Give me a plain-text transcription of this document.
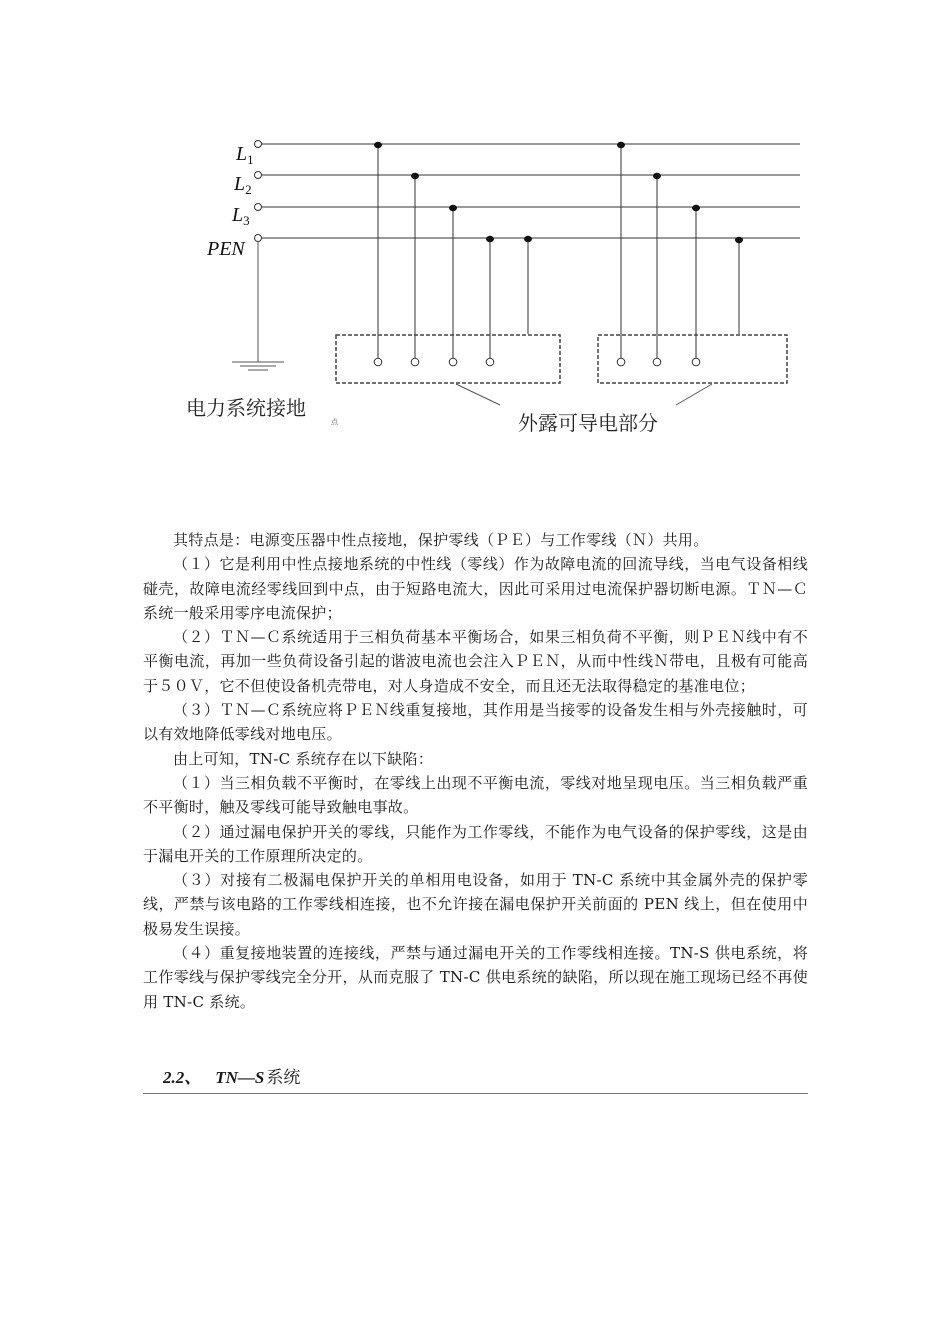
$L_1$
$L_2$
$L_3$
PEN
电力系统接地
点	外露可导电部分

其特点是：电源变压器中性点接地，保护零线（ＰＥ）与工作零线（Ｎ）共用。

（１）它是利用中性点接地系统的中性线（零线）作为故障电流的回流导线，当电气设备相线碰壳，故障电流经零线回到中点，由于短路电流大，因此可采用过电流保护器切断电源。ＴＮ—Ｃ系统一般采用零序电流保护；

（２）ＴＮ—Ｃ系统适用于三相负荷基本平衡场合，如果三相负荷不平衡，则ＰＥＮ线中有不平衡电流，再加一些负荷设备引起的谐波电流也会注入ＰＥＮ，从而中性线Ｎ带电，且极有可能高于５０Ｖ，它不但使设备机壳带电，对人身造成不安全，而且还无法取得稳定的基准电位；

（３）ＴＮ—Ｃ系统应将ＰＥＮ线重复接地，其作用是当接零的设备发生相与外壳接触时，可以有效地降低零线对地电压。

由上可知，TN-C 系统存在以下缺陷：

（１）当三相负载不平衡时，在零线上出现不平衡电流，零线对地呈现电压。当三相负载严重不平衡时，触及零线可能导致触电事故。

（２）通过漏电保护开关的零线，只能作为工作零线，不能作为电气设备的保护零线，这是由于漏电开关的工作原理所决定的。

（３）对接有二极漏电保护开关的单相用电设备，如用于 TN-C 系统中其金属外壳的保护零线，严禁与该电路的工作零线相连接，也不允许接在漏电保护开关前面的 PEN 线上，但在使用中极易发生误接。

（４）重复接地装置的连接线，严禁与通过漏电开关的工作零线相连接。TN-S 供电系统，将工作零线与保护零线完全分开，从而克服了 TN-C 供电系统的缺陷，所以现在施工现场已经不再使用 TN-C 系统。

2.2、 TN—S 系统
